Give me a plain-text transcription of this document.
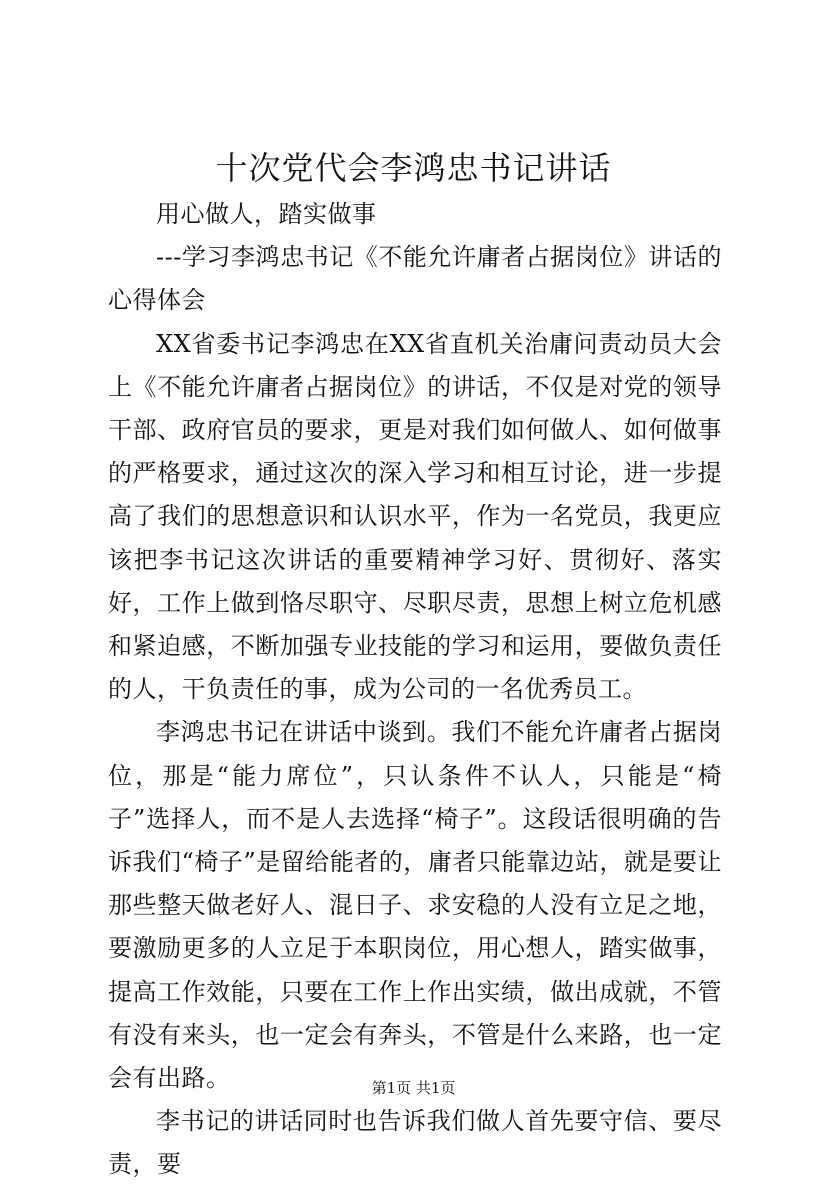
十次党代会李鸿忠书记讲话

用心做人，踏实做事

---学习李鸿忠书记《不能允许庸者占据岗位》讲话的心得体会

XX省委书记李鸿忠在XX省直机关治庸问责动员大会上《不能允许庸者占据岗位》的讲话，不仅是对党的领导干部、政府官员的要求，更是对我们如何做人、如何做事的严格要求，通过这次的深入学习和相互讨论，进一步提高了我们的思想意识和认识水平，作为一名党员，我更应该把李书记这次讲话的重要精神学习好、贯彻好、落实好，工作上做到恪尽职守、尽职尽责，思想上树立危机感和紧迫感，不断加强专业技能的学习和运用，要做负责任的人，干负责任的事，成为公司的一名优秀员工。

李鸿忠书记在讲话中谈到。我们不能允许庸者占据岗位，那是“能力席位”，只认条件不认人，只能是“椅子”选择人，而不是人去选择“椅子”。这段话很明确的告诉我们“椅子”是留给能者的，庸者只能靠边站，就是要让那些整天做老好人、混日子、求安稳的人没有立足之地，要激励更多的人立足于本职岗位，用心想人，踏实做事，提高工作效能，只要在工作上作出实绩，做出成就，不管有没有来头，也一定会有奔头，不管是什么来路，也一定会有出路。

李书记的讲话同时也告诉我们做人首先要守信、要尽责，要

第1页 共1页
